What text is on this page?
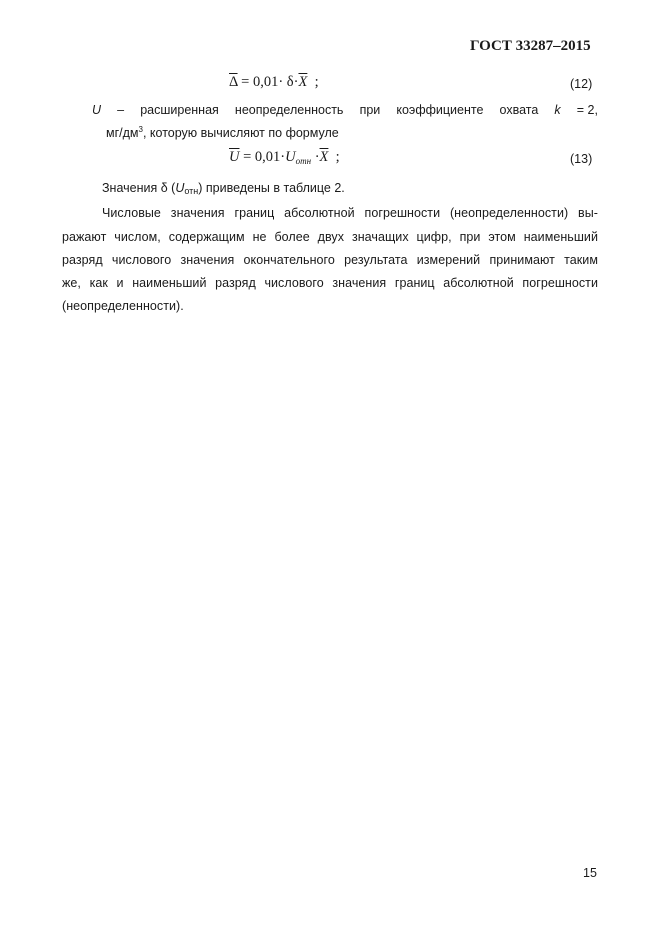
ГОСТ 33287–2015
$\overline{\Delta} = 0,01\cdot \delta\cdot\overline{X}$ ;	(12)
U – расширенная неопределенность при коэффициенте охвата k = 2,
$мг/дм^3$, которую вычисляют по формуле
$\overline{U} = 0,01\cdot U_{отн} \cdot\overline{X}$ ;	(13)
Значения δ $(U_{отн})$ приведены в таблице 2.
Числовые значения границ абсолютной погрешности (неопределенности) вы-
ражают числом, содержащим не более двух значащих цифр, при этом наименьший
разряд числового значения окончательного результата измерений принимают таким
же, как и наименьший разряд числового значения границ абсолютной погрешности
(неопределенности).
15
